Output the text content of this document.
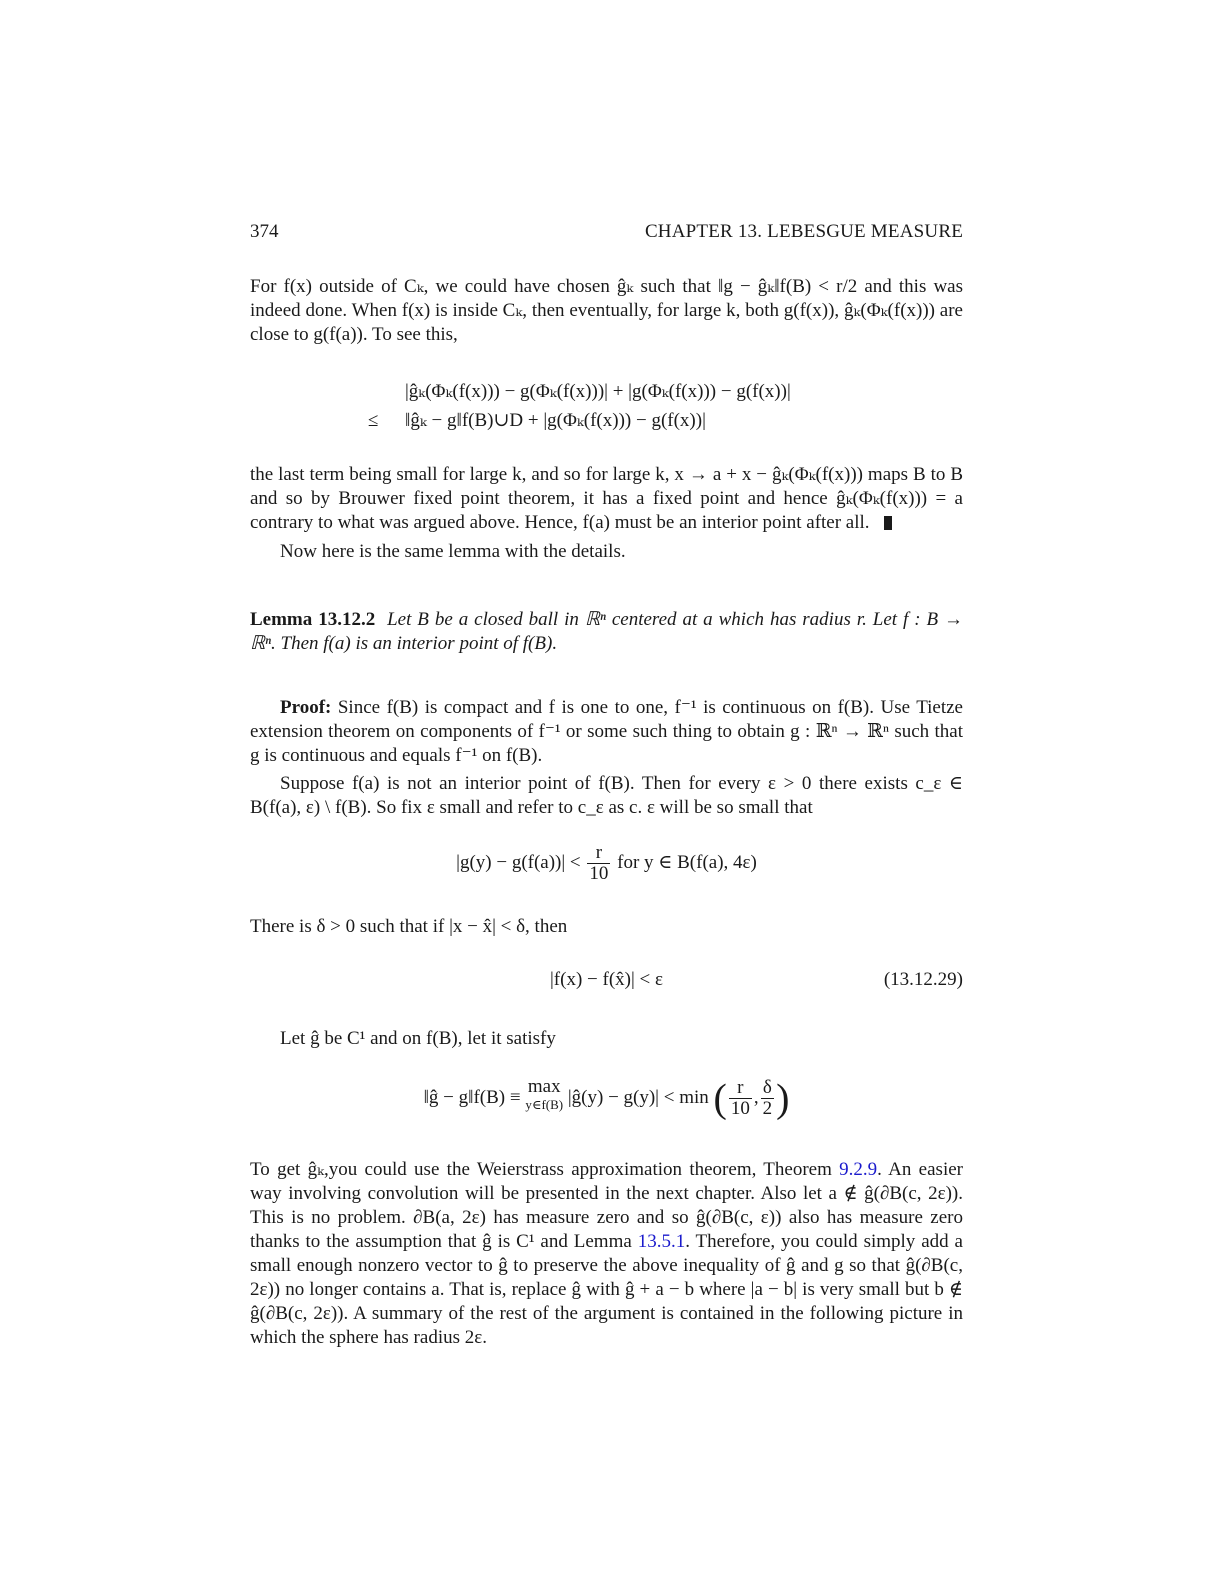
374	CHAPTER 13. LEBESGUE MEASURE

For f(x) outside of Cₖ, we could have chosen ĝₖ such that ‖g − ĝₖ‖f(B) < r/2 and this was indeed done. When f(x) is inside Cₖ, then eventually, for large k, both g(f(x)), ĝₖ(Φₖ(f(x))) are close to g(f(a)). To see this,

|ĝₖ(Φₖ(f(x))) − g(Φₖ(f(x)))| + |g(Φₖ(f(x))) − g(f(x))|
≤ ‖ĝₖ − g‖f(B)∪D + |g(Φₖ(f(x))) − g(f(x))|

the last term being small for large k, and so for large k, x → a + x − ĝₖ(Φₖ(f(x))) maps B to B and so by Brouwer fixed point theorem, it has a fixed point and hence ĝₖ(Φₖ(f(x))) = a contrary to what was argued above. Hence, f(a) must be an interior point after all.

Now here is the same lemma with the details.

Lemma 13.12.2 Let B be a closed ball in ℝⁿ centered at a which has radius r. Let f : B → ℝⁿ. Then f(a) is an interior point of f(B).

Proof: Since f(B) is compact and f is one to one, f⁻¹ is continuous on f(B). Use Tietze extension theorem on components of f⁻¹ or some such thing to obtain g : ℝⁿ → ℝⁿ such that g is continuous and equals f⁻¹ on f(B).

Suppose f(a) is not an interior point of f(B). Then for every ε > 0 there exists c_ε ∈ B(f(a), ε) \ f(B). So fix ε small and refer to c_ε as c. ε will be so small that

$|g(y) - g(f(a))| < \frac{r}{10}$ for y ∈ B(f(a), 4ε)

There is δ > 0 such that if |x − x̂| < δ, then

|f(x) − f(x̂)| < ε	(13.12.29)

Let ĝ be C¹ and on f(B), let it satisfy

‖ĝ − g‖f(B) ≡ max
y∈f(B) |ĝ(y) − g(y)| < min ( $\frac{r}{10}$ , $\frac{\delta}{2}$ )

To get ĝₖ,you could use the Weierstrass approximation theorem, Theorem 9.2.9. An easier way involving convolution will be presented in the next chapter. Also let a ∉ ĝ(∂B(c, 2ε)). This is no problem. ∂B(a, 2ε) has measure zero and so ĝ(∂B(c, ε)) also has measure zero thanks to the assumption that ĝ is C¹ and Lemma 13.5.1. Therefore, you could simply add a small enough nonzero vector to ĝ to preserve the above inequality of ĝ and g so that ĝ(∂B(c, 2ε)) no longer contains a. That is, replace ĝ with ĝ + a − b where |a − b| is very small but b ∉ ĝ(∂B(c, 2ε)). A summary of the rest of the argument is contained in the following picture in which the sphere has radius 2ε.
